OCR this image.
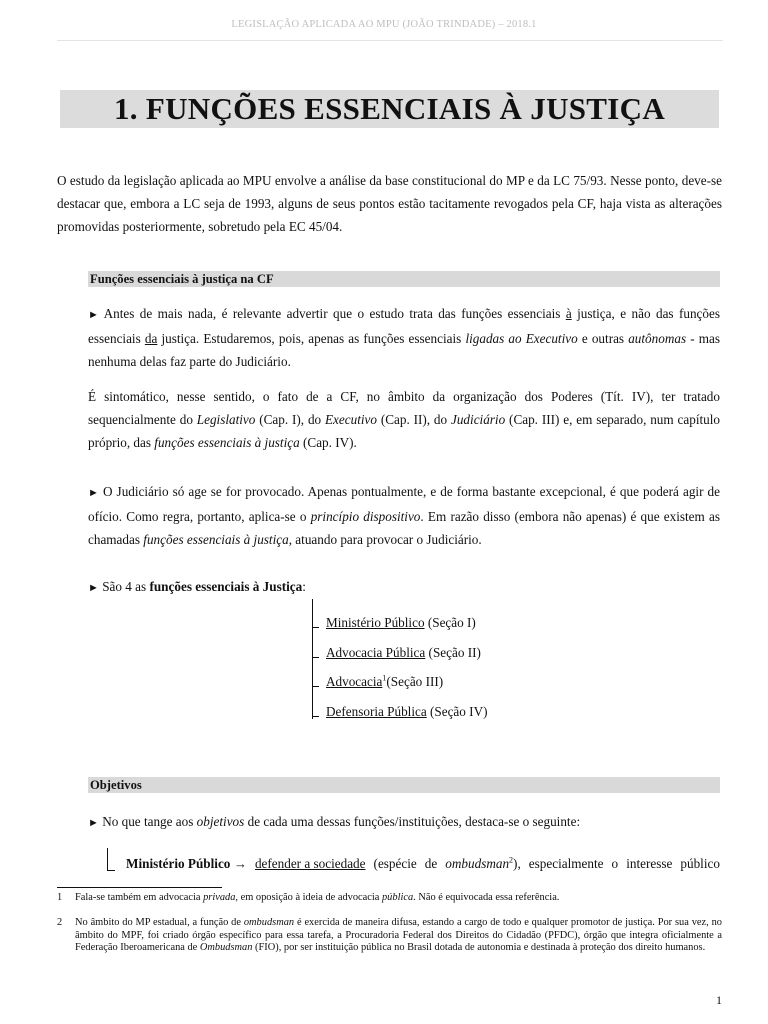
LEGISLAÇÃO APLICADA AO MPU (JOÃO TRINDADE) – 2018.1
1. FUNÇÕES ESSENCIAIS À JUSTIÇA

O estudo da legislação aplicada ao MPU envolve a análise da base constitucional do MP e da LC 75/93. Nesse ponto, deve-se destacar que, embora a LC seja de 1993, alguns de seus pontos estão tacitamente revogados pela CF, haja vista as alterações promovidas posteriormente, sobretudo pela EC 45/04.

Funções essenciais à justiça na CF

► Antes de mais nada, é relevante advertir que o estudo trata das funções essenciais à justiça, e não das funções essenciais da justiça. Estudaremos, pois, apenas as funções essenciais ligadas ao Executivo e outras autônomas - mas nenhuma delas faz parte do Judiciário.

É sintomático, nesse sentido, o fato de a CF, no âmbito da organização dos Poderes (Tít. IV), ter tratado sequencialmente do Legislativo (Cap. I), do Executivo (Cap. II), do Judiciário (Cap. III) e, em separado, num capítulo próprio, das funções essenciais à justiça (Cap. IV).

► O Judiciário só age se for provocado. Apenas pontualmente, e de forma bastante excepcional, é que poderá agir de ofício. Como regra, portanto, aplica-se o princípio dispositivo. Em razão disso (embora não apenas) é que existem as chamadas funções essenciais à justiça, atuando para provocar o Judiciário.

► São 4 as funções essenciais à Justiça:

Ministério Público (Seção I)
Advocacia Pública (Seção II)
Advocacia$^1$(Seção III)
Defensoria Pública (Seção IV)
Objetivos

► No que tange aos objetivos de cada uma dessas funções/instituições, destaca-se o seguinte:

Ministério Público → defender a sociedade (espécie de ombudsman$^2$), especialmente o interesse público
1	Fala-se também em advocacia privada, em oposição à ideia de advocacia pública. Não é equivocada essa referência.
2	No âmbito do MP estadual, a função de ombudsman é exercida de maneira difusa, estando a cargo de todo e qualquer promotor de justiça. Por sua vez, no âmbito do MPF, foi criado órgão específico para essa tarefa, a Procuradoria Federal dos Direitos do Cidadão (PFDC), órgão que integra oficialmente a Federação Iberoamericana de Ombudsman (FIO), por ser instituição pública no Brasil dotada de autonomia e destinada à proteção dos direito humanos.
1
